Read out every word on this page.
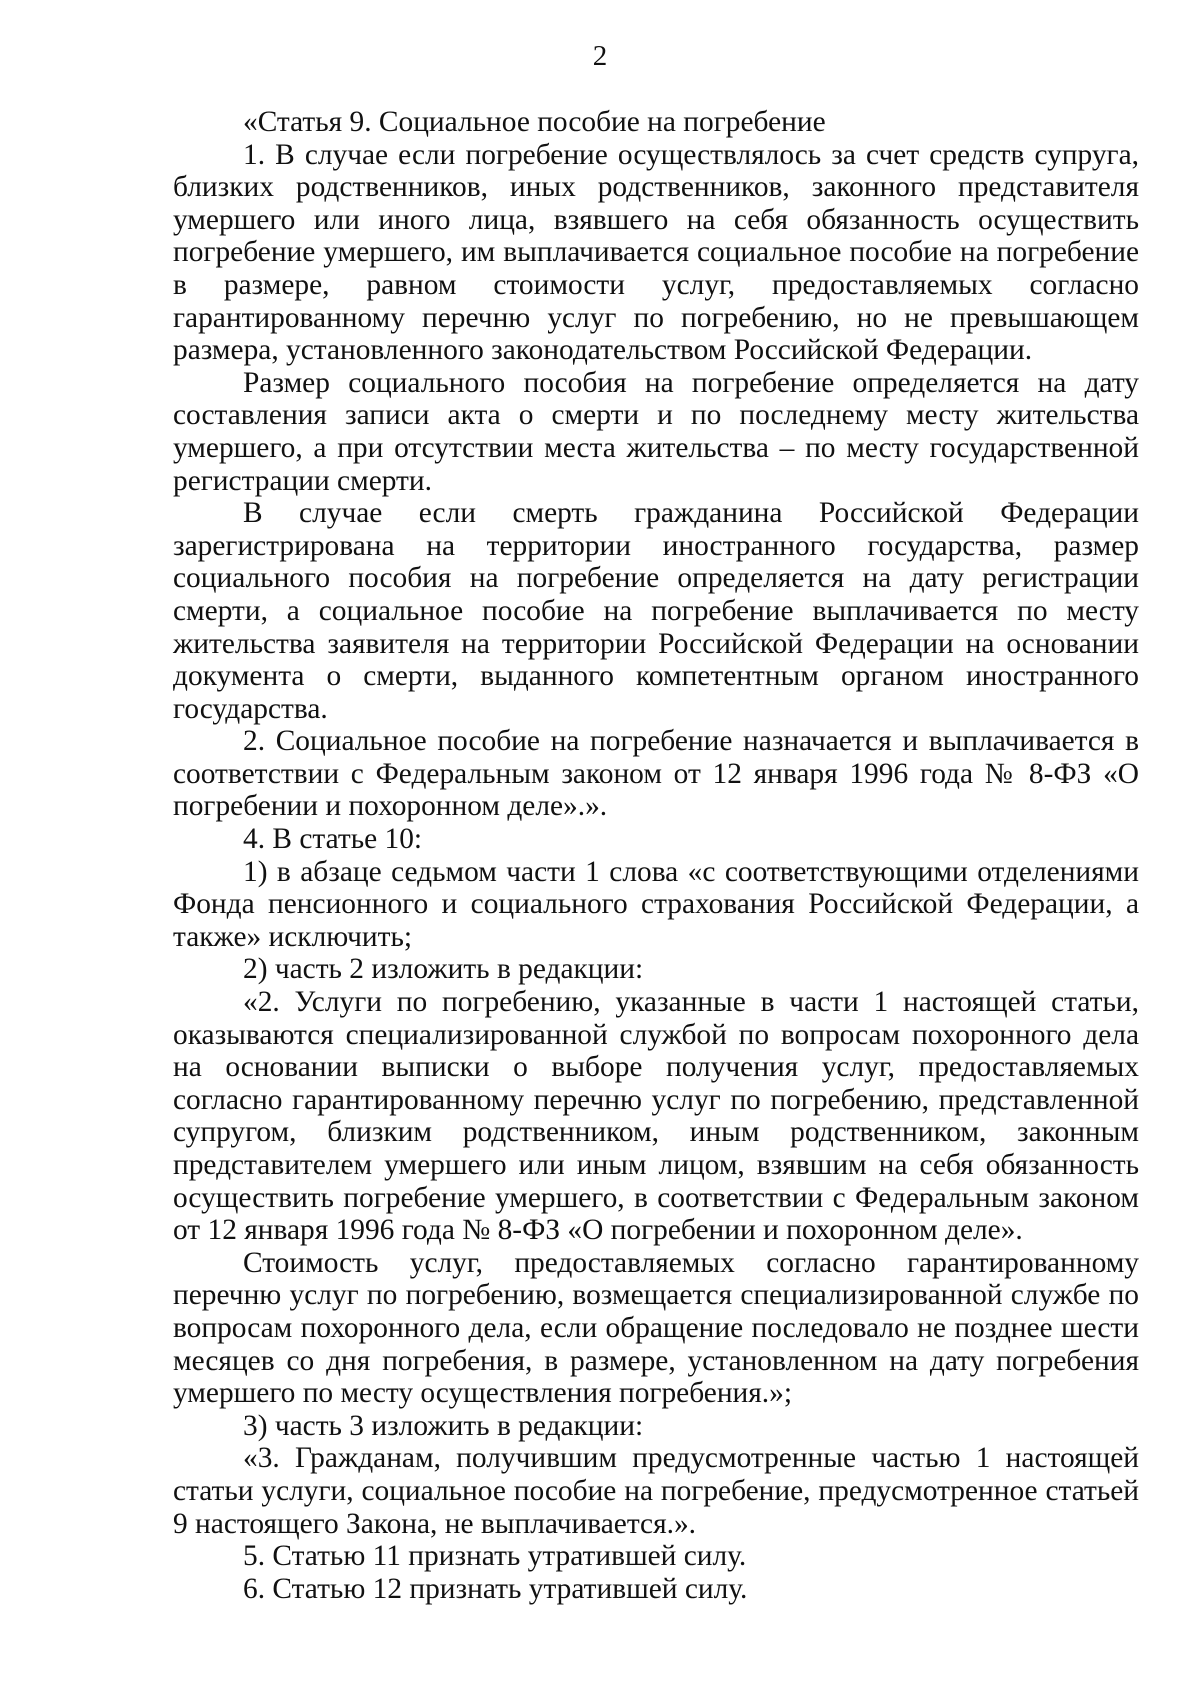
2

«Статья 9. Социальное пособие на погребение

1. В случае если погребение осуществлялось за счет средств супруга, близких родственников, иных родственников, законного представителя умершего или иного лица, взявшего на себя обязанность осуществить погребение умершего, им выплачивается социальное пособие на погребение в размере, равном стоимости услуг, предоставляемых согласно гарантированному перечню услуг по погребению, но не превышающем размера, установленного законодательством Российской Федерации.

Размер социального пособия на погребение определяется на дату составления записи акта о смерти и по последнему месту жительства умершего, а при отсутствии места жительства – по месту государственной регистрации смерти.

В случае если смерть гражданина Российской Федерации зарегистрирована на территории иностранного государства, размер социального пособия на погребение определяется на дату регистрации смерти, а социальное пособие на погребение выплачивается по месту жительства заявителя на территории Российской Федерации на основании документа о смерти, выданного компетентным органом иностранного государства.

2. Социальное пособие на погребение назначается и выплачивается в соответствии с Федеральным законом от 12 января 1996 года № 8-ФЗ «О погребении и похоронном деле».».

4. В статье 10:

1) в абзаце седьмом части 1 слова «с соответствующими отделениями Фонда пенсионного и социального страхования Российской Федерации, а также» исключить;

2) часть 2 изложить в редакции:

«2. Услуги по погребению, указанные в части 1 настоящей статьи, оказываются специализированной службой по вопросам похоронного дела на основании выписки о выборе получения услуг, предоставляемых согласно гарантированному перечню услуг по погребению, представленной супругом, близким родственником, иным родственником, законным представителем умершего или иным лицом, взявшим на себя обязанность осуществить погребение умершего, в соответствии с Федеральным законом от 12 января 1996 года № 8-ФЗ «О погребении и похоронном деле».

Стоимость услуг, предоставляемых согласно гарантированному перечню услуг по погребению, возмещается специализированной службе по вопросам похоронного дела, если обращение последовало не позднее шести месяцев со дня погребения, в размере, установленном на дату погребения умершего по месту осуществления погребения.»;

3) часть 3 изложить в редакции:

«3. Гражданам, получившим предусмотренные частью 1 настоящей статьи услуги, социальное пособие на погребение, предусмотренное статьей 9 настоящего Закона, не выплачивается.».

5. Статью 11 признать утратившей силу.

6. Статью 12 признать утратившей силу.
